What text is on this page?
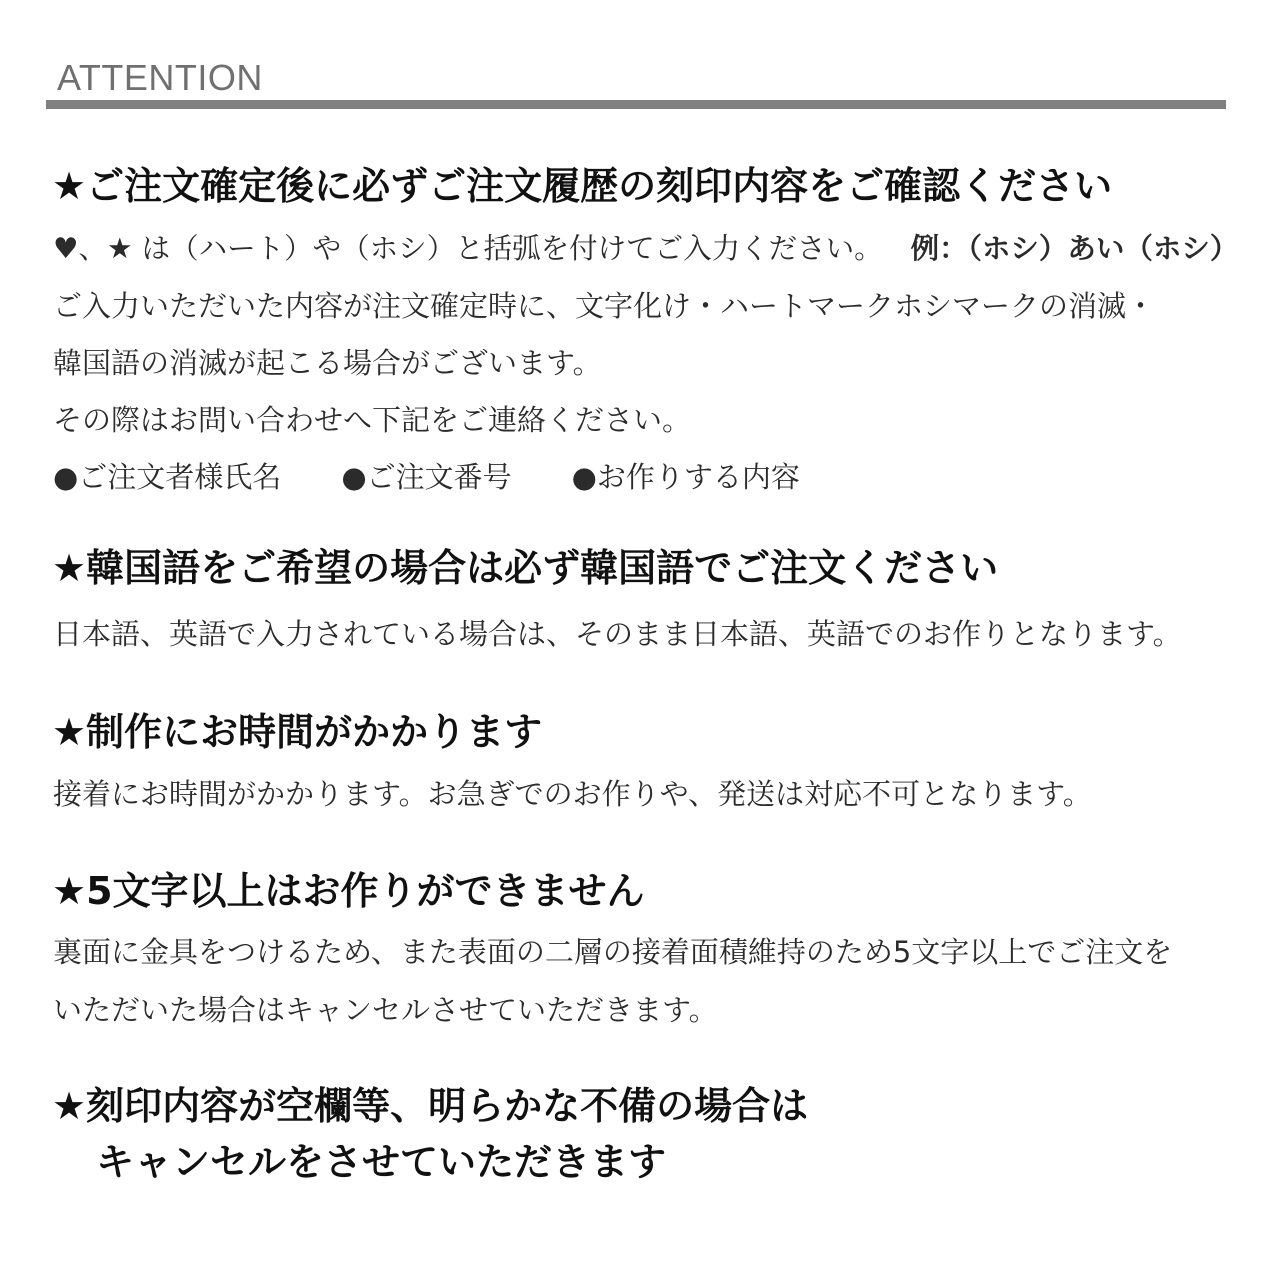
ATTENTION
★ご注文確定後に必ずご注文履歴の刻印内容をご確認ください
♥、★ は（ハート）や（ホシ）と括弧を付けてご入力ください。 例：（ホシ）あい（ホシ）
ご入力いただいた内容が注文確定時に、文字化け・ハートマークホシマークの消滅・
韓国語の消滅が起こる場合がございます。
その際はお問い合わせへ下記をご連絡ください。
●ご注文者様氏名 ●ご注文番号 ●お作りする内容
★韓国語をご希望の場合は必ず韓国語でご注文ください
日本語、英語で入力されている場合は、そのまま日本語、英語でのお作りとなります。
★制作にお時間がかかります
接着にお時間がかかります。お急ぎでのお作りや、発送は対応不可となります。
★5文字以上はお作りができません
裏面に金具をつけるため、また表面の二層の接着面積維持のため5文字以上でご注文を
いただいた場合はキャンセルさせていただきます。
★刻印内容が空欄等、明らかな不備の場合は
キャンセルをさせていただきます
